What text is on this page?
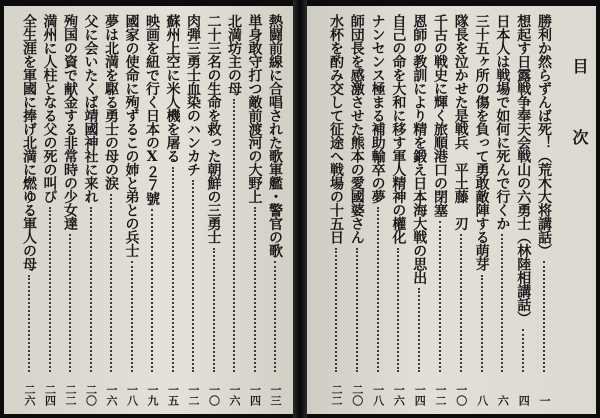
熱闘前線に合唱された歌軍艦・警官の歌
一三
単身敢守打つ敵前渡河の大野上
一四
北満坊主の母
一六
二十三名の生命を救った朝鮮の三勇士
一〇
肉弾三勇士血染のハンカチ
一二
蘇州上空に米人機を屠る
一五
映画を紐で行く日本のX２７號
一九
國家の使命に殉ずるこの姉と弟との兵士
一八
夢は北満を駆る勇士の母の涙
一六
父に会いたくば靖國神社に来れ
二〇
殉国の資で献金する非常時の少女達
二二
満州に人柱となる父の死の叫び
二四
全生涯を軍國に捧げ北満に燃ゆる軍人の母
二六
目 次
勝利か然らずんば死！（荒木大将講話）
一
想起す日露戦争奉天会戦山の六勇士（林陸相講話）
四
日本人は戦場で如何に死んで行くか
六
三十五ヶ所の傷を負って勇敢敵陣する萌芽
八
隊長を泣かせた是戦兵　平土藤　刃
一〇
千古の戦史に輝く旅順港口の閉塞
一二
恩師の教訓により精を鍛え日本海大戦の思出
一四
自己の命を大和に移す軍人精神の權化
一六
ナンセンス極まる補助輸卒の夢
一八
師団長を感激させた熊本の愛國婆さん
二〇
水杯を酌み交して征途へ戦場の十五日
二二
